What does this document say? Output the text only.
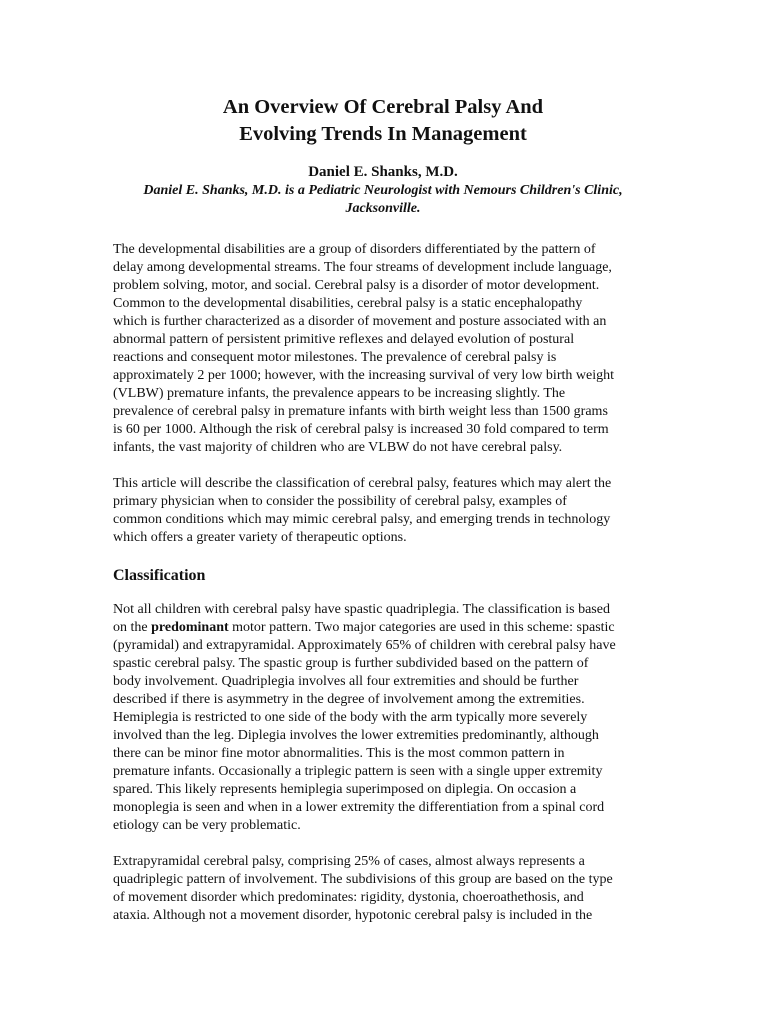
An Overview Of Cerebral Palsy And
Evolving Trends In Management
Daniel E. Shanks, M.D.
Daniel E. Shanks, M.D. is a Pediatric Neurologist with Nemours Children's Clinic,
Jacksonville.

The developmental disabilities are a group of disorders differentiated by the pattern of
delay among developmental streams. The four streams of development include language,
problem solving, motor, and social. Cerebral palsy is a disorder of motor development.
Common to the developmental disabilities, cerebral palsy is a static encephalopathy
which is further characterized as a disorder of movement and posture associated with an
abnormal pattern of persistent primitive reflexes and delayed evolution of postural
reactions and consequent motor milestones. The prevalence of cerebral palsy is
approximately 2 per 1000; however, with the increasing survival of very low birth weight
(VLBW) premature infants, the prevalence appears to be increasing slightly. The
prevalence of cerebral palsy in premature infants with birth weight less than 1500 grams
is 60 per 1000. Although the risk of cerebral palsy is increased 30 fold compared to term
infants, the vast majority of children who are VLBW do not have cerebral palsy.

This article will describe the classification of cerebral palsy, features which may alert the
primary physician when to consider the possibility of cerebral palsy, examples of
common conditions which may mimic cerebral palsy, and emerging trends in technology
which offers a greater variety of therapeutic options.

Classification

Not all children with cerebral palsy have spastic quadriplegia. The classification is based
on the predominant motor pattern. Two major categories are used in this scheme: spastic
(pyramidal) and extrapyramidal. Approximately 65% of children with cerebral palsy have
spastic cerebral palsy. The spastic group is further subdivided based on the pattern of
body involvement. Quadriplegia involves all four extremities and should be further
described if there is asymmetry in the degree of involvement among the extremities.
Hemiplegia is restricted to one side of the body with the arm typically more severely
involved than the leg. Diplegia involves the lower extremities predominantly, although
there can be minor fine motor abnormalities. This is the most common pattern in
premature infants. Occasionally a triplegic pattern is seen with a single upper extremity
spared. This likely represents hemiplegia superimposed on diplegia. On occasion a
monoplegia is seen and when in a lower extremity the differentiation from a spinal cord
etiology can be very problematic.

Extrapyramidal cerebral palsy, comprising 25% of cases, almost always represents a
quadriplegic pattern of involvement. The subdivisions of this group are based on the type
of movement disorder which predominates: rigidity, dystonia, choeroathethosis, and
ataxia. Although not a movement disorder, hypotonic cerebral palsy is included in the
